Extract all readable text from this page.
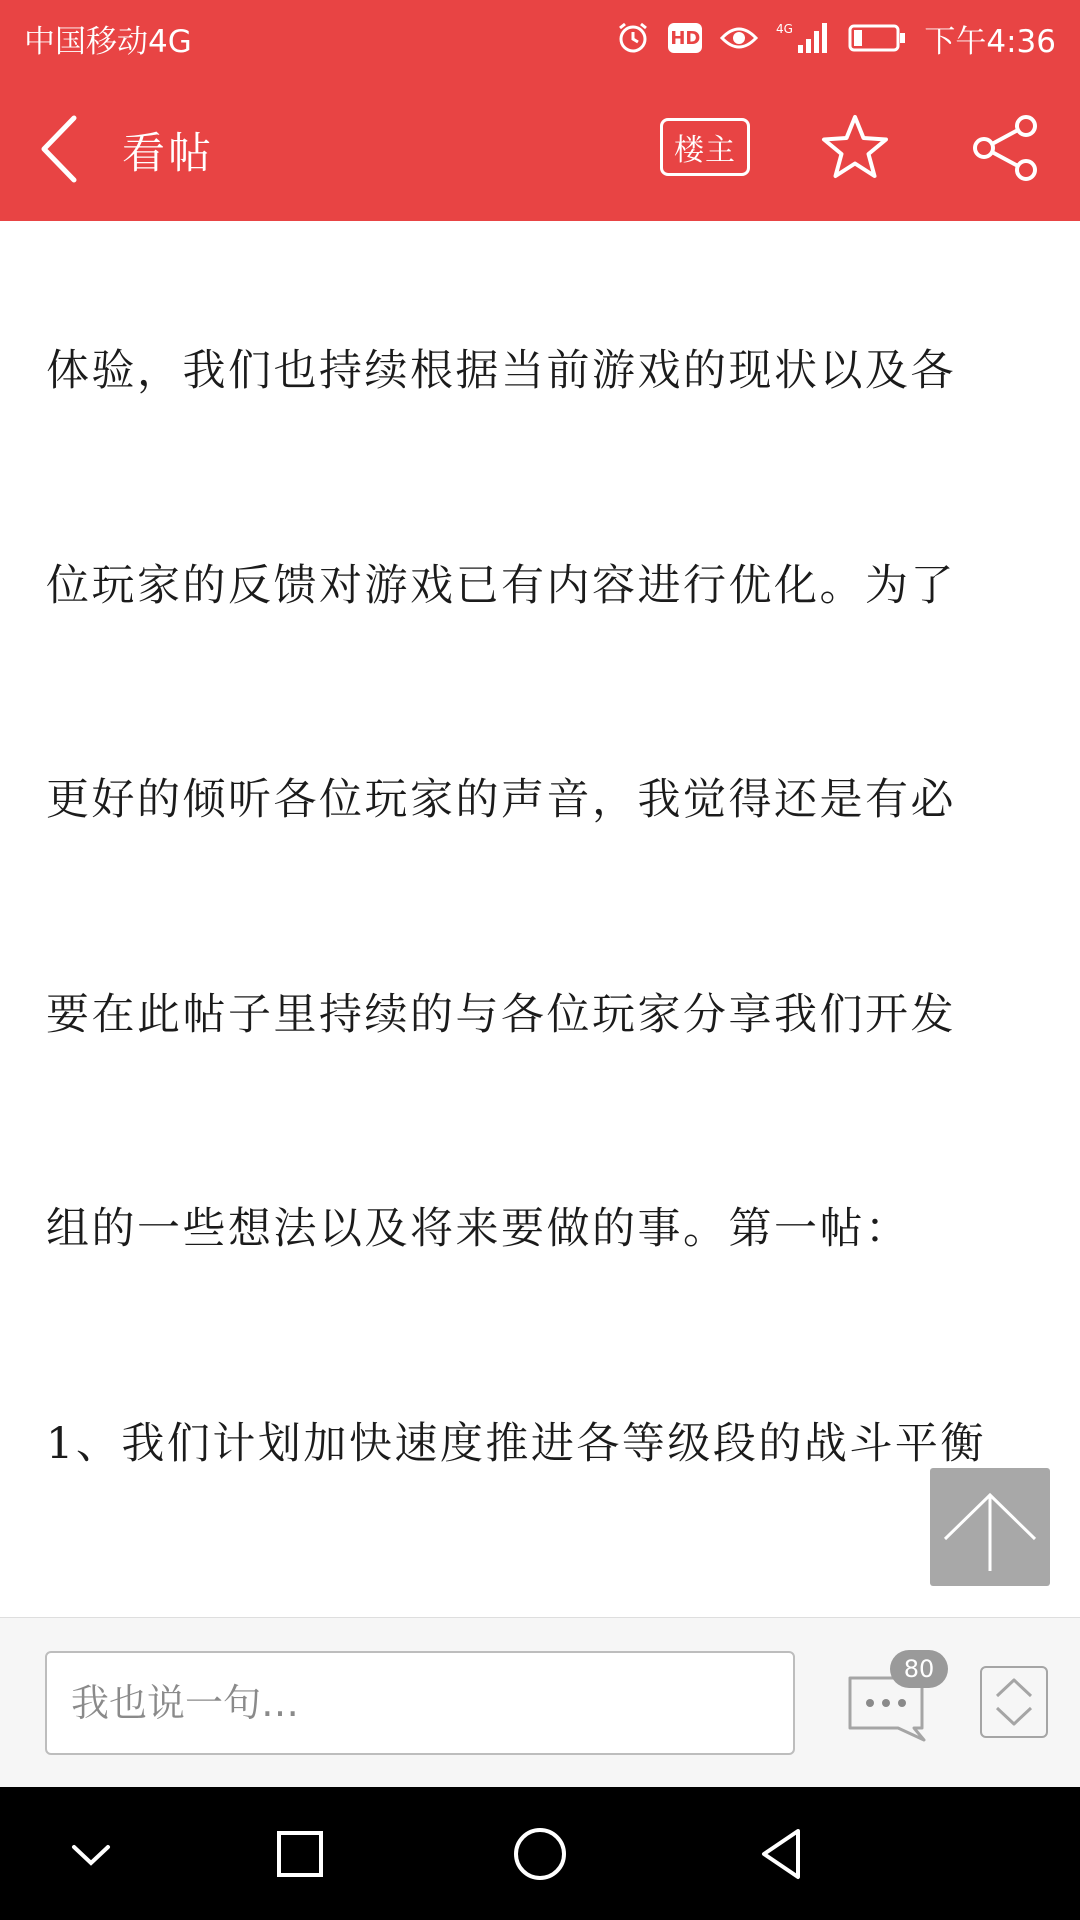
中国移动4G	HD	4G	下午4:36
看帖	楼主

体验，我们也持续根据当前游戏的现状以及各

位玩家的反馈对游戏已有内容进行优化。为了

更好的倾听各位玩家的声音，我觉得还是有必

要在此帖子里持续的与各位玩家分享我们开发

组的一些想法以及将来要做的事。第一帖：

1、我们计划加快速度推进各等级段的战斗平衡

我也说一句…
80
